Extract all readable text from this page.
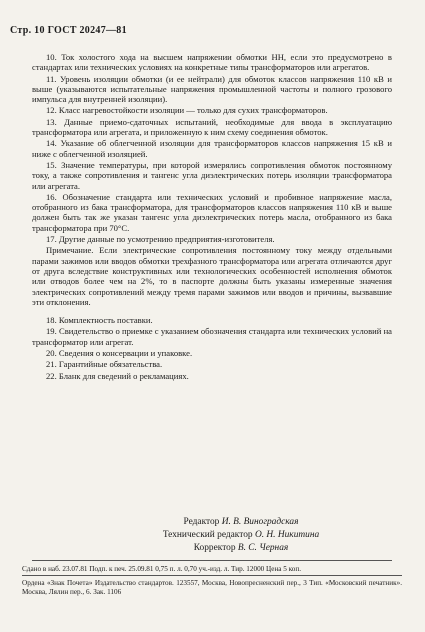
Стр. 10 ГОСТ 20247—81

10. Ток холостого хода на высшем напряжении обмотки НН, если это предусмотрено в стандартах или технических условиях на конкретные типы трансформаторов или агрегатов.

11. Уровень изоляции обмотки (и ее нейтрали) для обмоток классов напряжения 110 кВ и выше (указываются испытательные напряжения промышленной частоты и полного грозового импульса для внутренней изоляции).

12. Класс нагревостойкости изоляции — только для сухих трансформаторов.

13. Данные приемо-сдаточных испытаний, необходимые для ввода в эксплуатацию трансформатора или агрегата, и приложенную к ним схему соединения обмоток.

14. Указание об облегченной изоляции для трансформаторов классов напряжения 15 кВ и ниже с облегченной изоляцией.

15. Значение температуры, при которой измерялись сопротивления обмоток постоянному току, а также сопротивления и тангенс угла диэлектрических потерь изоляции трансформатора или агрегата.

16. Обозначение стандарта или технических условий и пробивное напряжение масла, отобранного из бака трансформатора, для трансформаторов классов напряжения 110 кВ и выше должен быть так же указан тангенс угла диэлектрических потерь масла, отобранного из бака трансформатора при 70°С.

17. Другие данные по усмотрению предприятия-изготовителя.

Примечание. Если электрические сопротивления постоянному току между отдельными парами зажимов или вводов обмотки трехфазного трансформатора или агрегата отличаются друг от друга вследствие конструктивных или технологических особенностей исполнения обмоток или отводов более чем на 2%, то в паспорте должны быть указаны измеренные значения электрических сопротивлений между тремя парами зажимов или вводов и причины, вызвавшие эти отклонения.

18. Комплектность поставки.

19. Свидетельство о приемке с указанием обозначения стандарта или технических условий на трансформатор или агрегат.

20. Сведения о консервации и упаковке.

21. Гарантийные обязательства.

22. Бланк для сведений о рекламациях.

Редактор И. В. Виноградская
Технический редактор О. Н. Никитина
Корректор В. С. Черная
Сдано в наб. 23.07.81 Подп. к печ. 25.09.81 0,75 п. л. 0,70 уч.-изд. л. Тир. 12000 Цена 5 коп.
Ордена «Знак Почета» Издательство стандартов. 123557, Москва, Новопресненский пер., 3 Тип. «Московский печатник». Москва, Лялин пер., 6. Зак. 1106
